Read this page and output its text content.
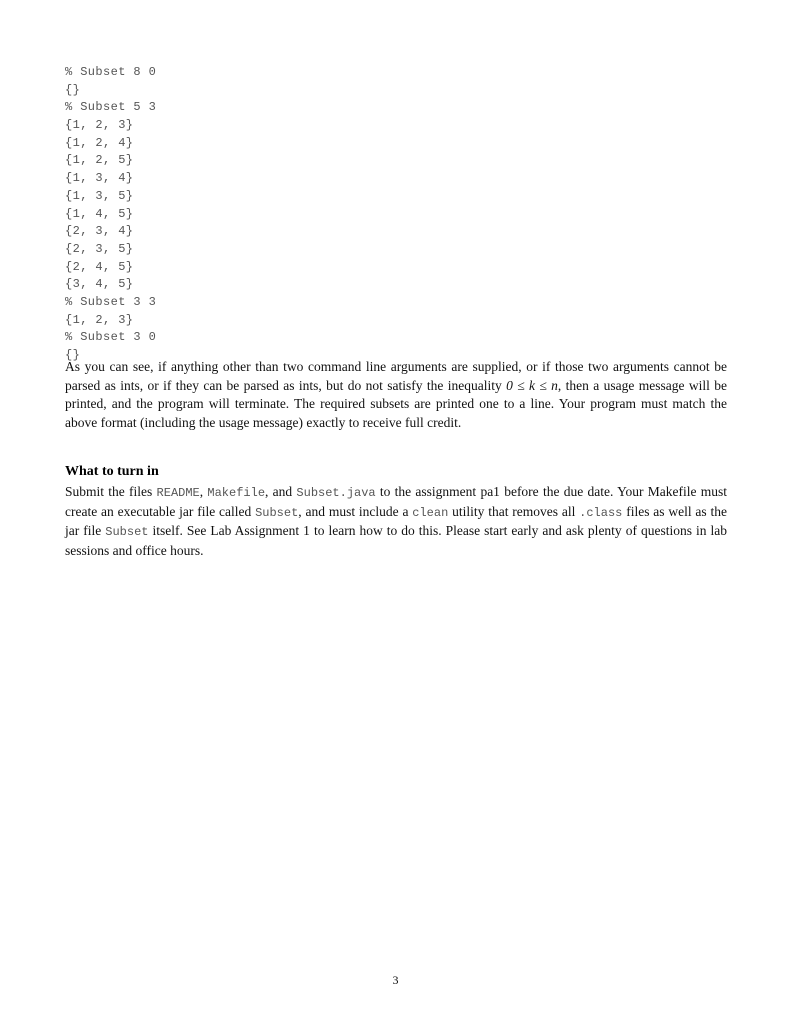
% Subset 8 0
{}
% Subset 5 3
{1, 2, 3}
{1, 2, 4}
{1, 2, 5}
{1, 3, 4}
{1, 3, 5}
{1, 4, 5}
{2, 3, 4}
{2, 3, 5}
{2, 4, 5}
{3, 4, 5}
% Subset 3 3
{1, 2, 3}
% Subset 3 0
{}

As you can see, if anything other than two command line arguments are supplied, or if those two arguments cannot be parsed as ints, or if they can be parsed as ints, but do not satisfy the inequality 0 ≤ k ≤ n, then a usage message will be printed, and the program will terminate. The required subsets are printed one to a line. Your program must match the above format (including the usage message) exactly to receive full credit.

What to turn in

Submit the files README, Makefile, and Subset.java to the assignment pa1 before the due date. Your Makefile must create an executable jar file called Subset, and must include a clean utility that removes all .class files as well as the jar file Subset itself. See Lab Assignment 1 to learn how to do this. Please start early and ask plenty of questions in lab sessions and office hours.

3
